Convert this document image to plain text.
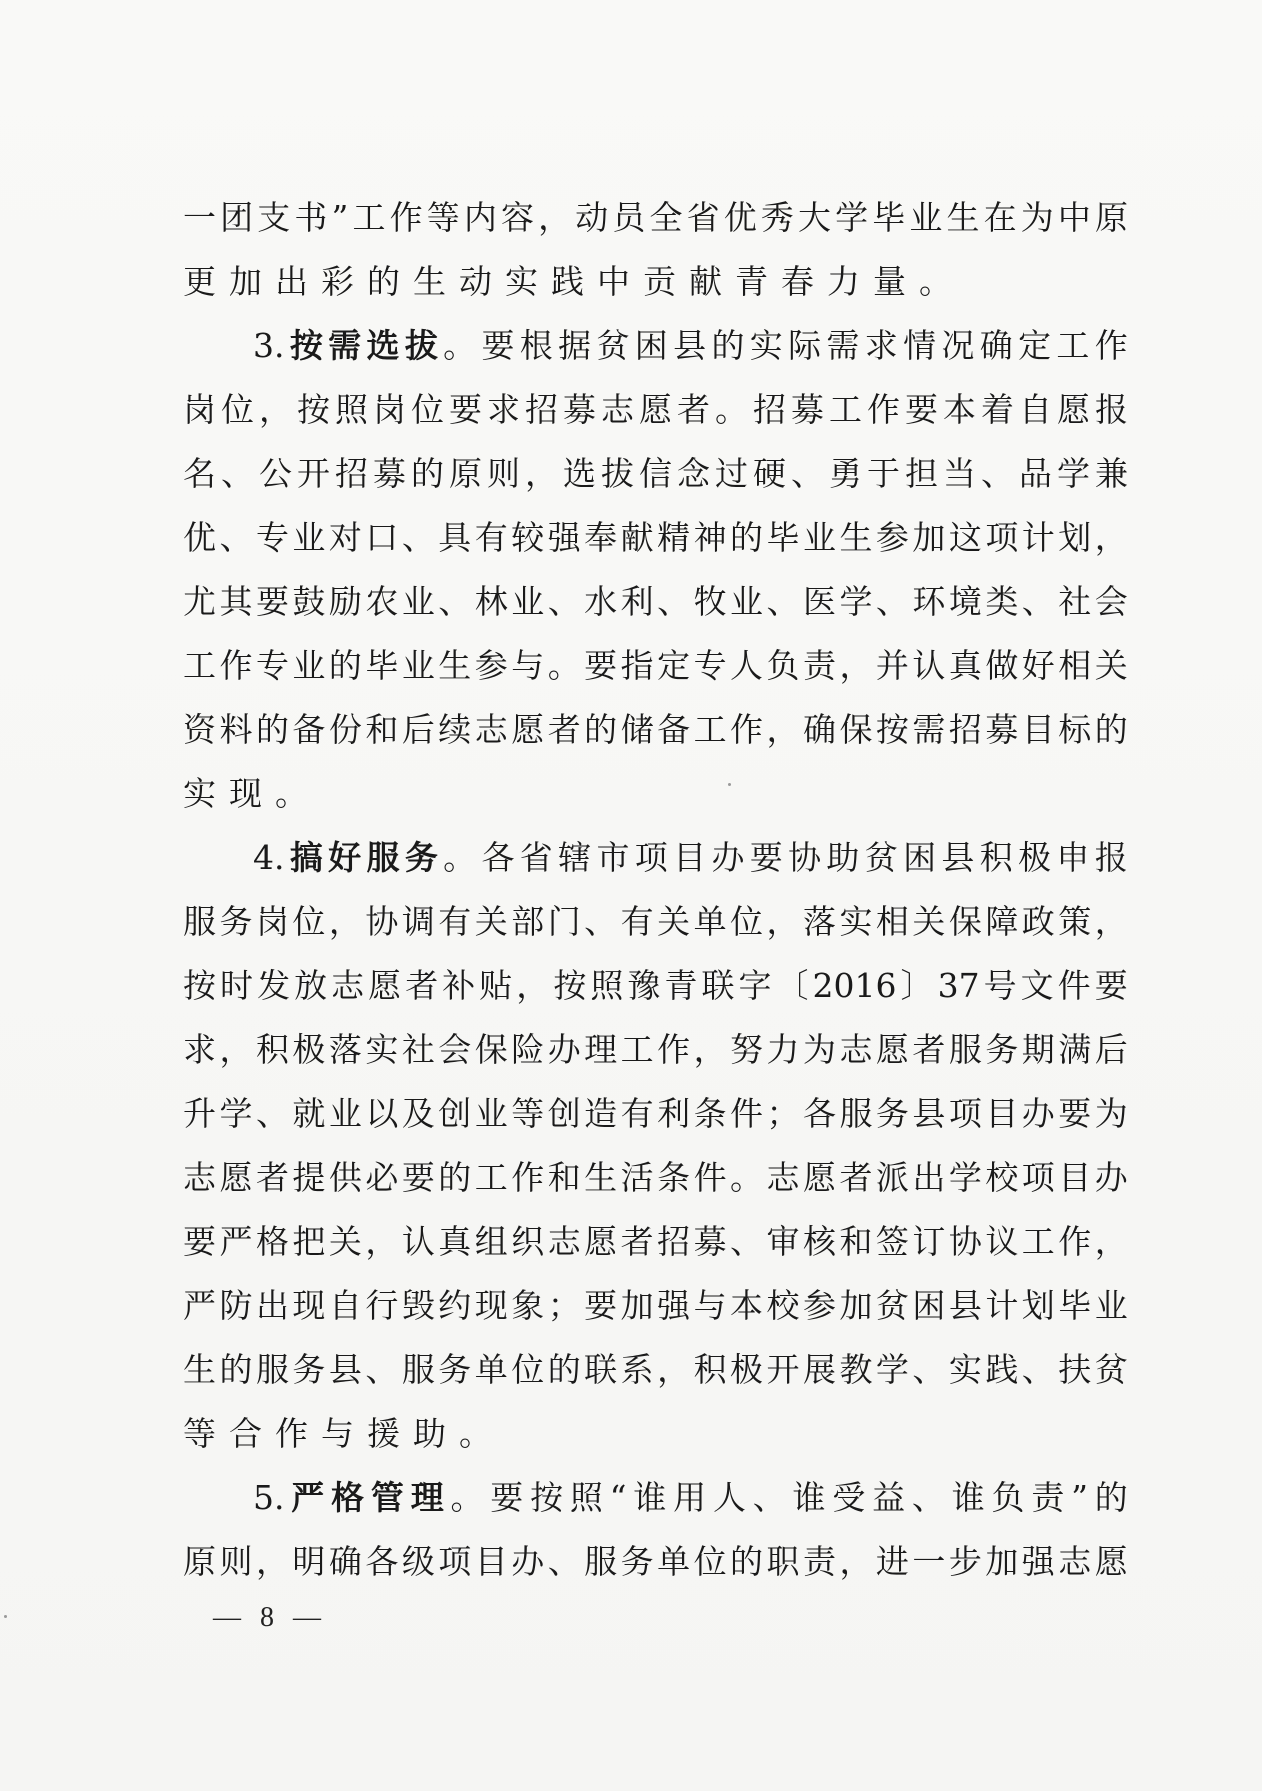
一 团 支 书 ” 工 作 等 内 容 ， 动 员 全 省 优 秀 大 学 毕 业 生 在 为 中 原
更 加 出 彩 的 生 动 实 践 中 贡 献 青 春 力 量 。
3. 按 需 选 拔 。 要 根 据 贫 困 县 的 实 际 需 求 情 况 确 定 工 作
岗 位 ， 按 照 岗 位 要 求 招 募 志 愿 者 。 招 募 工 作 要 本 着 自 愿 报
名 、 公 开 招 募 的 原 则 ， 选 拔 信 念 过 硬 、 勇 于 担 当 、 品 学 兼
优 、 专 业 对 口 、 具 有 较 强 奉 献 精 神 的 毕 业 生 参 加 这 项 计 划 ，
尤 其 要 鼓 励 农 业 、 林 业 、 水 利 、 牧 业 、 医 学 、 环 境 类 、 社 会
工 作 专 业 的 毕 业 生 参 与 。 要 指 定 专 人 负 责 ， 并 认 真 做 好 相 关
资 料 的 备 份 和 后 续 志 愿 者 的 储 备 工 作 ， 确 保 按 需 招 募 目 标 的
实 现 。
4. 搞 好 服 务 。 各 省 辖 市 项 目 办 要 协 助 贫 困 县 积 极 申 报
服 务 岗 位 ， 协 调 有 关 部 门 、 有 关 单 位 ， 落 实 相 关 保 障 政 策 ，
按 时 发 放 志 愿 者 补 贴 ， 按 照 豫 青 联 字 〔 2016 〕 37 号 文 件 要
求 ， 积 极 落 实 社 会 保 险 办 理 工 作 ， 努 力 为 志 愿 者 服 务 期 满 后
升 学 、 就 业 以 及 创 业 等 创 造 有 利 条 件 ； 各 服 务 县 项 目 办 要 为
志 愿 者 提 供 必 要 的 工 作 和 生 活 条 件 。 志 愿 者 派 出 学 校 项 目 办
要 严 格 把 关 ， 认 真 组 织 志 愿 者 招 募 、 审 核 和 签 订 协 议 工 作 ，
严 防 出 现 自 行 毁 约 现 象 ； 要 加 强 与 本 校 参 加 贫 困 县 计 划 毕 业
生 的 服 务 县 、 服 务 单 位 的 联 系 ， 积 极 开 展 教 学 、 实 践 、 扶 贫
等 合 作 与 援 助 。
5. 严 格 管 理 。 要 按 照 “ 谁 用 人 、 谁 受 益 、 谁 负 责 ” 的
原 则 ， 明 确 各 级 项 目 办 、 服 务 单 位 的 职 责 ， 进 一 步 加 强 志 愿
— 8 —
